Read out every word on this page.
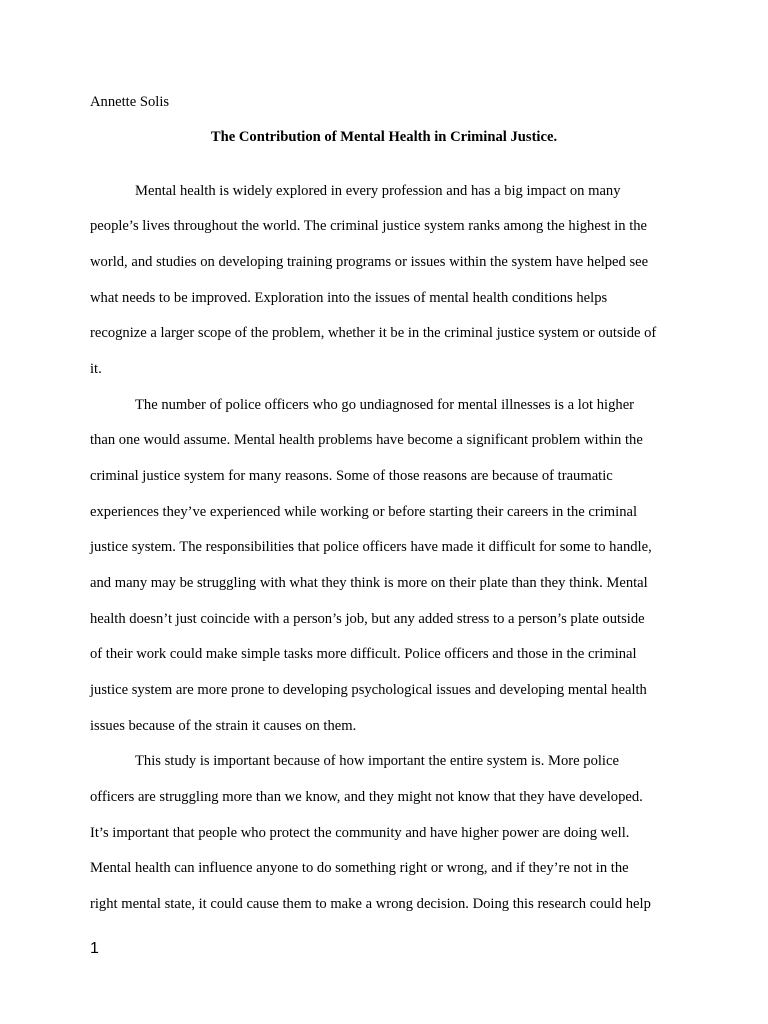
Annette Solis
The Contribution of Mental Health in Criminal Justice.
Mental health is widely explored in every profession and has a big impact on many
people’s lives throughout the world. The criminal justice system ranks among the highest in the
world, and studies on developing training programs or issues within the system have helped see
what needs to be improved. Exploration into the issues of mental health conditions helps
recognize a larger scope of the problem, whether it be in the criminal justice system or outside of
it.
The number of police officers who go undiagnosed for mental illnesses is a lot higher
than one would assume. Mental health problems have become a significant problem within the
criminal justice system for many reasons. Some of those reasons are because of traumatic
experiences they’ve experienced while working or before starting their careers in the criminal
justice system. The responsibilities that police officers have made it difficult for some to handle,
and many may be struggling with what they think is more on their plate than they think. Mental
health doesn’t just coincide with a person’s job, but any added stress to a person’s plate outside
of their work could make simple tasks more difficult. Police officers and those in the criminal
justice system are more prone to developing psychological issues and developing mental health
issues because of the strain it causes on them.
This study is important because of how important the entire system is. More police
officers are struggling more than we know, and they might not know that they have developed.
It’s important that people who protect the community and have higher power are doing well.
Mental health can influence anyone to do something right or wrong, and if they’re not in the
right mental state, it could cause them to make a wrong decision. Doing this research could help
1
